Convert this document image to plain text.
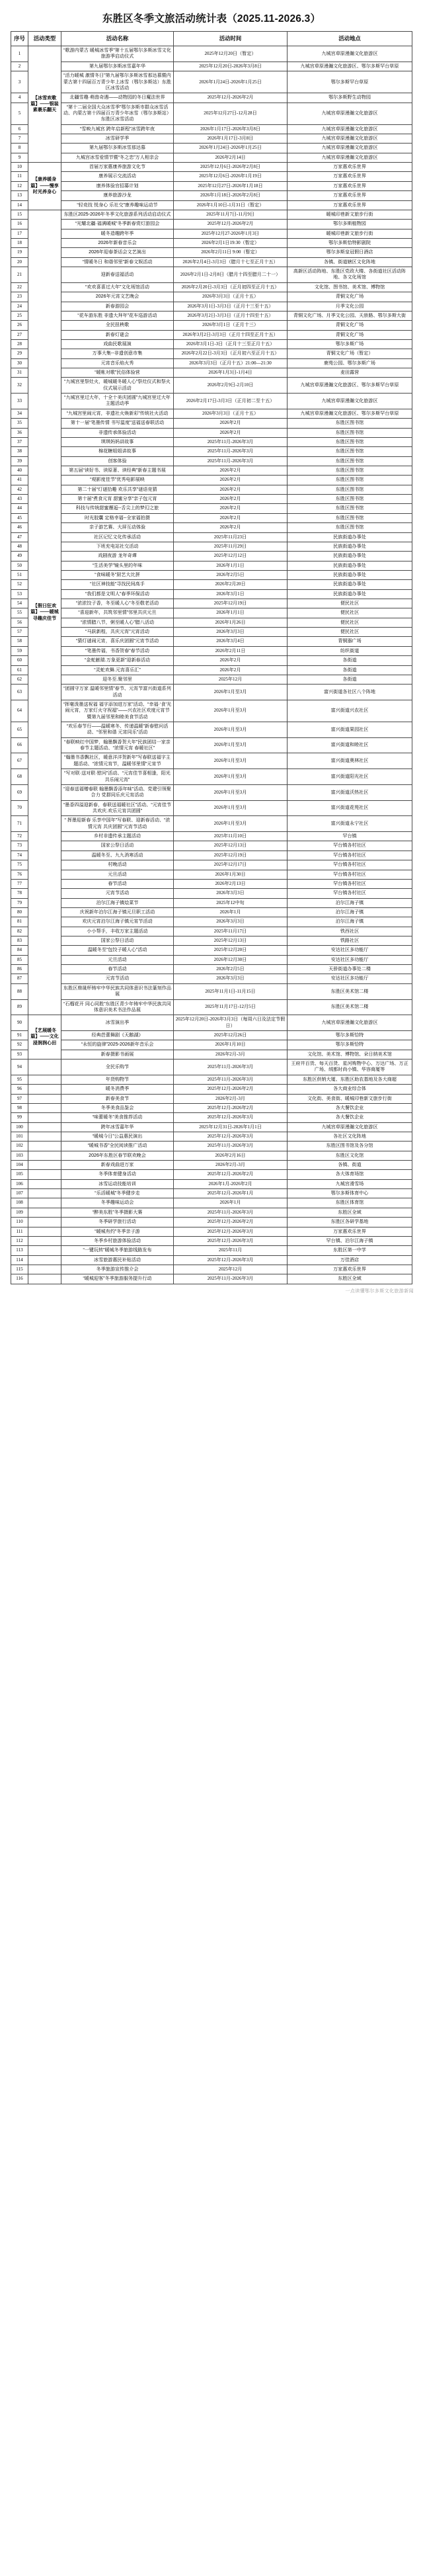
东胜区冬季文旅活动统计表（2025.11-2026.3）
序号	活动类型	活动名称	活动时间	活动地点
1	【冰雪欢歌篇】——银装素裹乐翻天	“歌游内蒙古 暖城冰雪季”第十五届鄂尔多斯冰雪文化旅游季启动仪式	2025年12月20日（暂定）	九城宫草原漫瀚文化旅游区
2		第九届鄂尔多斯冰雪嘉年华	2025年12月20日-2026年3月8日	九城宫草原漫瀚文化旅游区、鄂尔多斯罕台草原
3		“活力暖城 激情冬日”第九届鄂尔多斯冰雪那达慕暨内蒙古第十四届百万青少年上冰雪（鄂尔多斯站）东胜区冰雪活动	2026年1月24日-2026年1月25日	鄂尔多斯罕台草原
4		北疆雪趣·萌兽奇遇——动物园的冬日魔法世界	2025年12月-2026年2月	鄂尔多斯野生动物园
5		“第十二届全国大众冰雪季”鄂尔多斯市群众冰雪活动、内蒙古第十四届百万青少年冰雪（鄂尔多斯站）东胜区冰雪活动	2025年12月27日-12月28日	九城宫草原漫瀚文化旅游区
6		“雪映九城宫 跨年启新程”冰雪跨年夜	2026年1月17日-2026年3月8日	九城宫草原漫瀚文化旅游区
7		冰雪研学季	2026年1月17日-3月8日	九城宫草原漫瀚文化旅游区
8		第九届鄂尔多斯冰雪那达慕	2026年1月24日-2026年1月25日	九城宫草原漫瀚文化旅游区
9		九城宫冰雪爱情节暨“冬之恋”万人相亲会	2026年2月14日	九城宫草原漫瀚文化旅游区
10	【康养暖身篇】——慢享时光养身心	首届万家惠康养旅游文化节	2025年12月6日-2026年2月8日	万家惠欢乐世界
11		康养展示交流活动	2025年12月6日-2026年1月19日	万家惠欢乐世界
12		康养体验官招募计划	2025年12月27日-2026年1月18日	万家惠欢乐世界
13		康养旅游沙龙	2026年1月18日-2026年2月8日	万家惠欢乐世界
14		“轻竞技 悦身心 乐社交”康养趣味运动节	2026年1月10日-1月31日（暂定）	万家惠欢乐世界
15	【假日狂欢篇】——暖城寻趣庆佳节	东胜区2025-2026年冬季文化旅游系列活动启动仪式	2025年11月7日-11月9日	暖城印巷新文旅步行街
16		“光耀北疆·福满暖城”冬季新春赏灯游园会	2025年12月-2026年2月	鄂尔多斯植物园
17		暖冬造趣跨年季	2025年12月27-2026年1月3日	暖城印巷新文旅步行街
18		2026年新春音乐会	2026年2月1日19:30（暂定）	鄂尔多斯恰特影剧院
19		2026年迎春茶话会文艺演出	2026年2月11日 9:00（暂定）	鄂尔多斯皇冠假日酒店
20		“情暖冬日 和谐邻里”新春文娱活动	2026年2月4日-3月3日（腊月十七至正月十五）	各镇、街道辖区文化阵地
21		迎新春送福活动	2026年2月1日-2月8日（腊月十四至腊月二十一）	高新区活动阵地、东胜区党政大楼、各街道社区活动阵地、各文化场馆
22		“欢欢喜喜过大年”文化场馆活动	2026年2月20日-3月3日（正月初四至正月十五）	文化馆、图书馆、美术馆、博物馆
23		2026年元宵文艺晚会	2026年3月3日（正月十五）	青铜文化广场
24		新春游园会	2026年3月1日-3月3日（正月十三至十五）	月季文化公园
25		“花车游东胜 非遗大拜年”花车巡游活动	2026年3月2日-3月3日（正月十四至十五）	青铜文化广场、月季文化公园、天骄路、鄂尔多斯大街
26		全民扭秧歌	2026年3月1日（正月十三）	青铜文化广场
27		新春灯谜会	2026年3月2日-3月3日（正月十四至正月十五）	青铜文化广场
28		戏曲民歌展演	2026年3月1日-3日（正月十三至正月十五）	鄂尔多斯广场
29		万事大集--非遗创意市集	2026年2月22日-3月3日（正月初六至正月十五）	青铜文化广场（暂定）
30		元宵音乐焰火秀	2026年3月3日（正月十五）21:00—21:30	鹿苑公园、鄂尔多斯广场
31		“暖帐对歌”民俗体验营	2026年1月3日-1月4日	麦田露营
32		“九城宫里祭灶火，暖城暖冬暖人心”祭灶仪式和祭火仪式展示活动	2026年2月9日-2月10日	九城宫草原漫瀚文化旅游区、鄂尔多斯罕台草原
33		“九城宫里过大年，十全十美庆团圆”九城宫里过大年主题活动季	2026年2月17日-3月3日（正月初二至十五）	九城宫草原漫瀚文化旅游区
34		“九城宫里闹元宵，非遗社火焕新彩”传统社火活动	2026年3月3日（正月十五）	九城宫草原漫瀚文化旅游区、鄂尔多斯罕台草原
35		第十一届“笔墨传情 书写温度”送福送春联活动	2026年2月	东胜区图书馆
36		非遗传承体验活动	2026年2月	东胜区图书馆
37		琪琪妈妈讲故事	2025年11月-2026年3月	东胜区图书馆
38		棉花糖姐姐讲故事	2025年11月-2026年3月	东胜区图书馆
39		创客体验	2025年11月-2026年3月	东胜区图书馆
40		第五届“读好书、读原著、读经典”新春主题书展	2026年2月	东胜区图书馆
41		“观影度佳节”优秀电影展映	2026年2月	东胜区图书馆
42		第二十届“灯谜拾趣 欢乐共享”谜语竞猜	2026年2月	东胜区图书馆
43		第十届“煮食元宵 甜蜜分享”亲子包元宵	2026年2月	东胜区图书馆
44		科技与传统甜蜜邂逅--舌尖上的梦幻之旅	2026年2月	东胜区图书馆
45		时光胶囊 定格幸福--全家福拍摄	2026年2月	东胜区图书馆
46		亲子游艺赛、大屏互动体验	2026年2月	东胜区图书馆
47		社区记忆文化传承活动	2025年11月23日	民族街道办事处
48		下班充电站社交活动	2025年11月29日	民族街道办事处
49		戏剧夜游 龙年奇谭	2025年12月12日	民族街道办事处
50		“生活美学”镜头里的年味	2026年1月1日	民族街道办事处
51		“食味暖冬”厨艺大比拼	2026年2月5日	民族街道办事处
52		“社区神技能”寻找民间高手	2026年2月20日	民族街道办事处
53		“我们都是文明人”春季环保活动	2026年3月1日	民族街道办事处
54		“浓浓饺子香，冬至暖人心”冬至敬老活动	2025年12月19日	便民社区
55		“喜迎新年，共筑邻里情”邻里共庆元旦	2026年1月1日	便民社区
56		“浓情腊八节，粥至暖人心”腊八活动	2026年1月26日	便民社区
57		“马跃新程，共庆元宵”元宵活动	2026年3月3日	便民社区
58		“猜灯谜闹元宵，喜乐庆团圆”元宵节活动	2026年3月4日	青铜器广场
59		“笔墨传福，书香贺春”春节活动	2026年2月11日	纺织街道
60		“金蛇献瑞.万象更新”迎新春活动	2026年2月	各街道
61		“灵蛇欢舞.元宵喜乐汇”	2026年2月	各街道
62		迎冬至.聚邻里	2025年12月	各街道
63		“团圆守万家 温暖邻里情”春节、元宵节富兴街道系列活动	2026年1月至3月	富兴街道各社区八个阵地
64		“挥毫泼墨送祝福 福字添加进万家”活动、“幸福·‘食’光闹元宵，万家灯火守祝福”——兴农社区欢度元宵节暨第九届邻里和睦美食节活动	2026年1月至3月	富兴街道兴农社区
65		“欢乐春节行——温暖寒冬、传递温暖”新春慰问活动、“邻里和谐 元宵同乐”活动	2026年1月至3月	富兴街道果园社区
66		“春联映红中国梦，翰墨飘香贺大年”民族团结一家亲春节主题活动、“浓情元宵 春暖社区”	2026年1月至3月	富兴街道和睦社区
67		“翰墨书香飘社区，暖意洋洋贺新年”写春联送福字主题活动、“浓情元宵节，温暖邻里情”元宵节	2026年1月至3月	富兴街道奥林社区
68		“写对联·送对联·慰问”活动、“元宵佳节喜相逢，阳光共乐闹元宵”	2026年1月至3月	富兴街道阳光社区
69		“迎春送福赠春联 翰墨飘香添年味”活动、党建引领聚合力 党群同乐庆元宵活动	2026年1月至3月	富兴街道沃热社区
70		“墨香四溢迎新春，春联送福暖社区”活动、“元宵佳节共欢庆.欢乐元宵共团圆”	2026年1月至3月	富兴街道花苑社区
71		“ 挥墨迎新春 乐享中国年”写春联、迎新春活动、“浓情元宵 共庆团圆”元宵节活动	2026年1月至3月	富兴街道永宁社区
72		乡村非遗传承主题活动	2025年11月10日	罕台镇
73		国家公祭日活动	2025年12月13日	罕台镇各村社区
74		温暖冬至、九九消寒活动	2025年12月19日	罕台镇各村社区
75		村晚活动	2025年12月17日	罕台镇各村社区
76		元旦活动	2026年1月30日	罕台镇各村社区
77		春节活动	2026年2月13日	罕台镇各村社区
78		元宵节活动	2026年3月3日	罕台镇各村社区
79		泊尔江海子镇烩菜节	2025年12中旬	泊尔江海子镇
80		庆祝新年泊尔江海子镇元旦职工活动	2026年1月	泊尔江海子镇
81		欢庆元宵泊尔江海子镇元宵节活动	2026年3月3日	泊尔江海子镇
82		小小帮手，丰收万家主题活动	2025年11月17日	铁西社区
83		国家公祭日活动	2025年12月13日	铁路社区
84		温暖冬至“包饺子暖人心”活动	2025年12月20日	安达社区多功能厅
85		元旦活动	2026年12月30日	安达社区多功能厅
86		春节活动	2026年2月5日	天骄街道办事处二楼
87		元宵节活动	2026年3月3日	安达社区多功能厅
88		东胜区鼎晟杯铸牢中华民族共同体意识书法篆刻作品展	2025年11月1日-11月15日	东胜区美术馆二楼
89		“石榴花开 同心同胜”东胜区青少年铸牢中华民族共同体意识美术书法作品展	2025年11月17日-12月5日	东胜区美术馆二楼
90	【艺展暖冬篇】——文化浸润润心田	冰雪演出季	2025年12月20日-2026年3月3日（每周六日及法定节假日）	九城宫草原漫瀚文化旅游区
91		经典芭蕾舞剧《天鹅湖》	2025年12月26日	鄂尔多斯恰特
92		“永恒的旋律”2025-2026新年音乐会	2026年1月10日	鄂尔多斯恰特
93		新春摄影书画展	2026年2月-3月	文化馆、美术馆、博物馆、朵日纳美术馆
94		全民乐购节	2025年11月-2026年3月	王府井百货、每天百货、星河购物中心、万达广场、万正广场、绒都时尚小镇、华容商厦等
95		年货购物节	2025年11月-2026年3月	东胜区供销大厦、东胜区助农基地及各大商超
96		暖冬消费季	2025年12月-2026年2月	各大商业综合体
97		新春美食节	2026年2月-3月	文化街、美食街、暖城印巷新文旅步行街
98		冬季美食品鉴会	2025年12月-2026年2月	各大餐饮企业
99		“味蕾暖冬”美食推荐活动	2025年12月-2026年3月	各大餐饮企业
100		跨年冰雪嘉年华	2025年12月31日-2026年1月1日	九城宫草原漫瀚文化旅游区
101		“暖城今日”公益惠民演出	2025年12月-2026年3月	各社区文化阵地
102		“暖城书香”全民阅读推广活动	2025年11月-2026年3月	东胜区图书馆及各分馆
103		2026年东胜区春节联欢晚会	2026年2月16日	东胜区文化馆
104		新春戏曲进万家	2026年2月-3月	各镇、街道
105		冬季体育健身活动	2025年12月-2026年2月	各大体育场馆
106		冰雪运动技能培训	2026年1月-2026年2月	九城宫滑雪场
107		“乐活暖城”冬季健步走	2025年12月-2026年1月	鄂尔多斯体育中心
108		冬季趣味运动会	2026年1月	东胜区体育馆
109		“醉美东胜”冬季摄影大赛	2025年11月-2026年3月	东胜区全域
110		冬季研学旅行活动	2025年12月-2026年2月	东胜区各研学基地
111		“暖城有约”冬季亲子游	2025年12月-2026年3月	万家惠欢乐世界
112		冬季乡村旅游体验活动	2025年12月-2026年3月	罕台镇、泊尔江海子镇
113		“一键玩转”暖城冬季旅游线路发布	2025年11月	东胜区第一中学
114		冰雪旅游惠民补贴活动	2025年12月-2026年3月	万佳酒店
115		冬季旅游宣传推介会	2025年12月	万家惠欢乐世界
116		“暖城迎客”冬季旅游服务提升行动	2025年11月-2026年3月	东胜区全域
一点读懂鄂尔多斯文化旅游新闻
